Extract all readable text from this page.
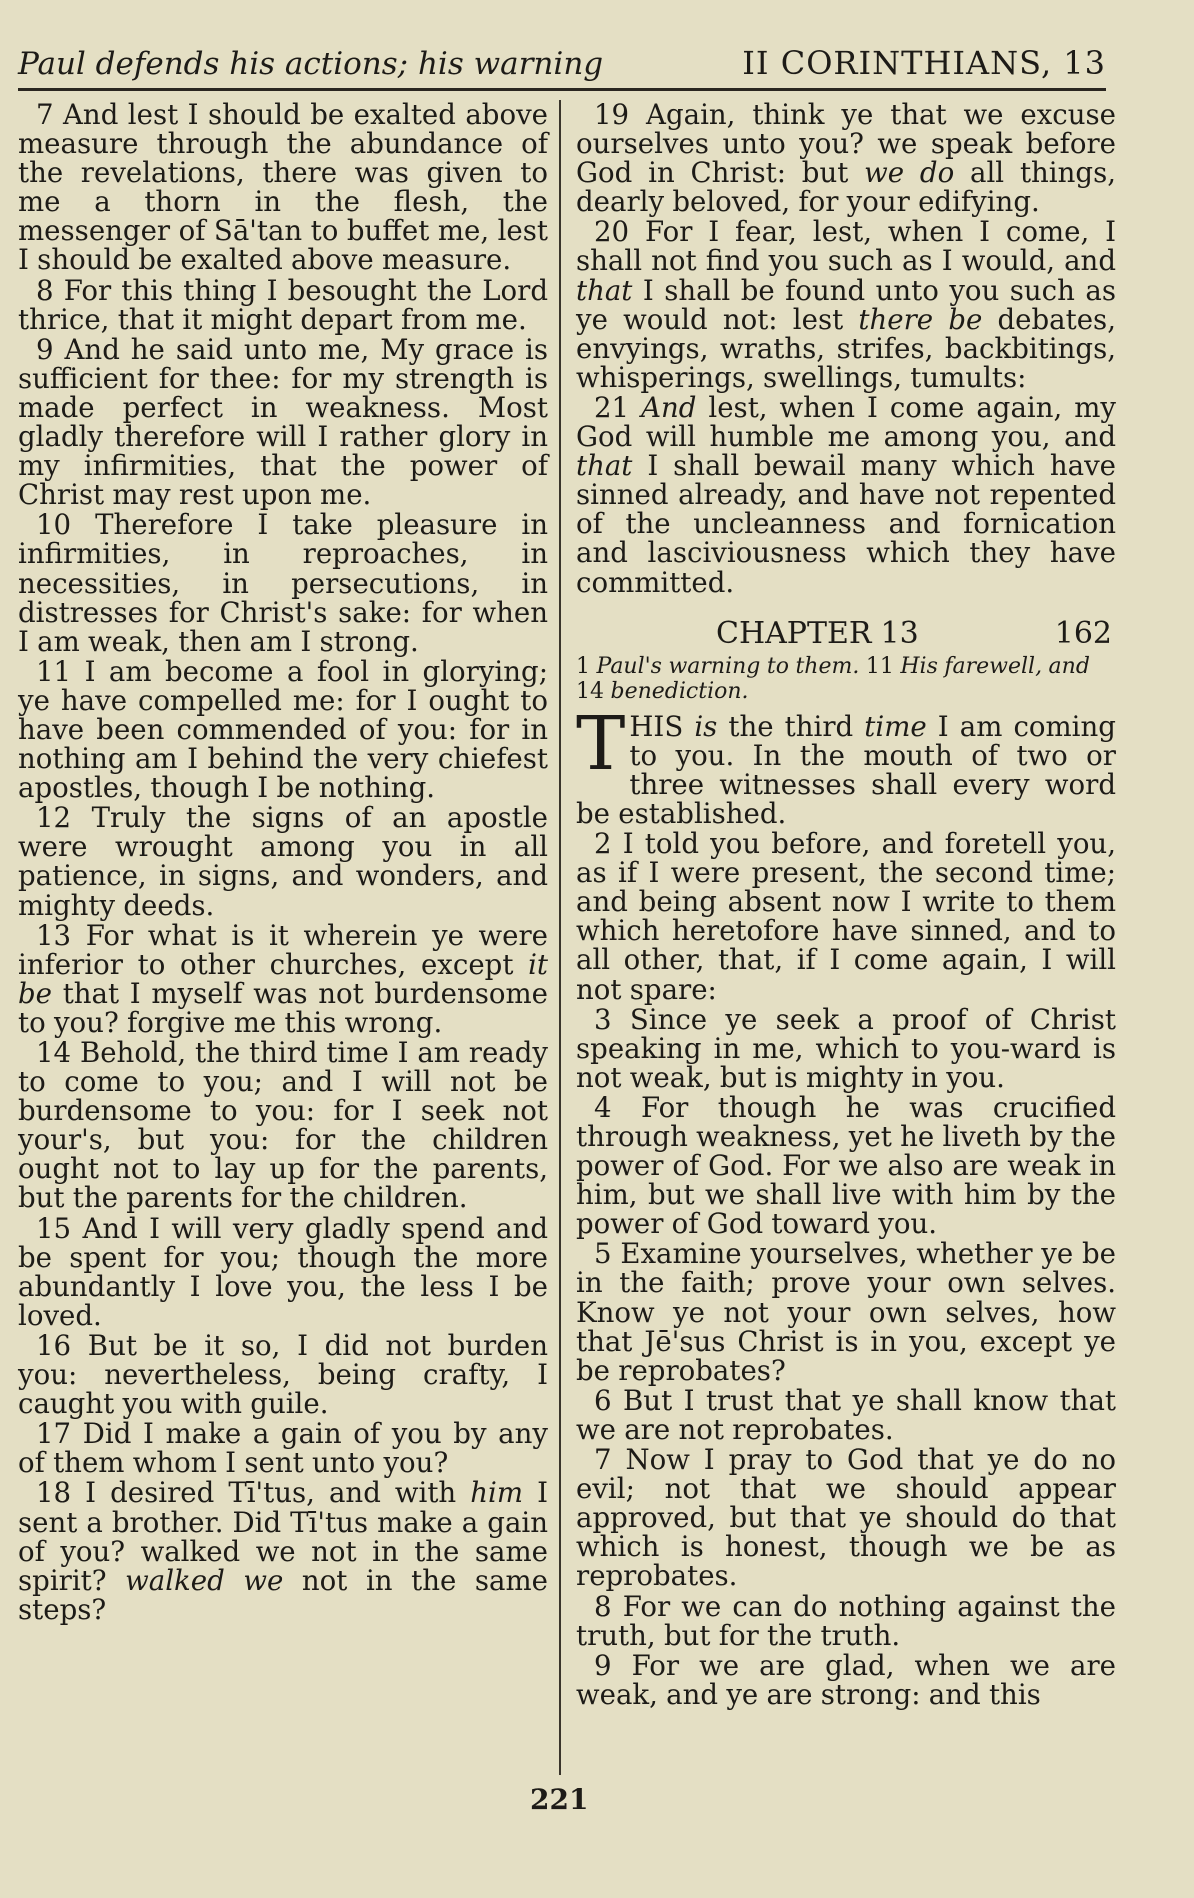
Paul defends his actions; his warning	II CORINTHIANS, 13

7 And lest I should be exalted above measure through the abundance of the revelations, there was given to me a thorn in the flesh, the messenger of Sā'tan to buffet me, lest I should be exalted above measure.

8 For this thing I besought the Lord thrice, that it might depart from me.

9 And he said unto me, My grace is sufficient for thee: for my strength is made perfect in weakness. Most gladly therefore will I rather glory in my infirmities, that the power of Christ may rest upon me.

10 Therefore I take pleasure in infirmities, in reproaches, in necessities, in persecutions, in distresses for Christ's sake: for when I am weak, then am I strong.

11 I am become a fool in glorying; ye have compelled me: for I ought to have been commended of you: for in nothing am I behind the very chiefest apostles, though I be nothing.

12 Truly the signs of an apostle were wrought among you in all patience, in signs, and wonders, and mighty deeds.

13 For what is it wherein ye were inferior to other churches, except it be that I myself was not burdensome to you? forgive me this wrong.

14 Behold, the third time I am ready to come to you; and I will not be burdensome to you: for I seek not your's, but you: for the children ought not to lay up for the parents, but the parents for the children.

15 And I will very gladly spend and be spent for you; though the more abundantly I love you, the less I be loved.

16 But be it so, I did not burden you: nevertheless, being crafty, I caught you with guile.

17 Did I make a gain of you by any of them whom I sent unto you?

18 I desired Tī'tus, and with him I sent a brother. Did Tī'tus make a gain of you? walked we not in the same spirit? walked we not in the same steps?

19 Again, think ye that we excuse ourselves unto you? we speak before God in Christ: but we do all things, dearly beloved, for your edifying.

20 For I fear, lest, when I come, I shall not find you such as I would, and that I shall be found unto you such as ye would not: lest there be debates, envyings, wraths, strifes, backbitings, whisperings, swellings, tumults:

21 And lest, when I come again, my God will humble me among you, and that I shall bewail many which have sinned already, and have not repented of the uncleanness and fornication and lasciviousness which they have committed.

CHAPTER 13	162
1 Paul's warning to them. 11 His farewell, and 14 benediction.

THIS is the third time I am coming to you. In the mouth of two or three witnesses shall every word be established.

2 I told you before, and foretell you, as if I were present, the second time; and being absent now I write to them which heretofore have sinned, and to all other, that, if I come again, I will not spare:

3 Since ye seek a proof of Christ speaking in me, which to you-ward is not weak, but is mighty in you.

4 For though he was crucified through weakness, yet he liveth by the power of God. For we also are weak in him, but we shall live with him by the power of God toward you.

5 Examine yourselves, whether ye be in the faith; prove your own selves. Know ye not your own selves, how that Jē'sus Christ is in you, except ye be reprobates?

6 But I trust that ye shall know that we are not reprobates.

7 Now I pray to God that ye do no evil; not that we should appear approved, but that ye should do that which is honest, though we be as reprobates.

8 For we can do nothing against the truth, but for the truth.

9 For we are glad, when we are weak, and ye are strong: and this

221
